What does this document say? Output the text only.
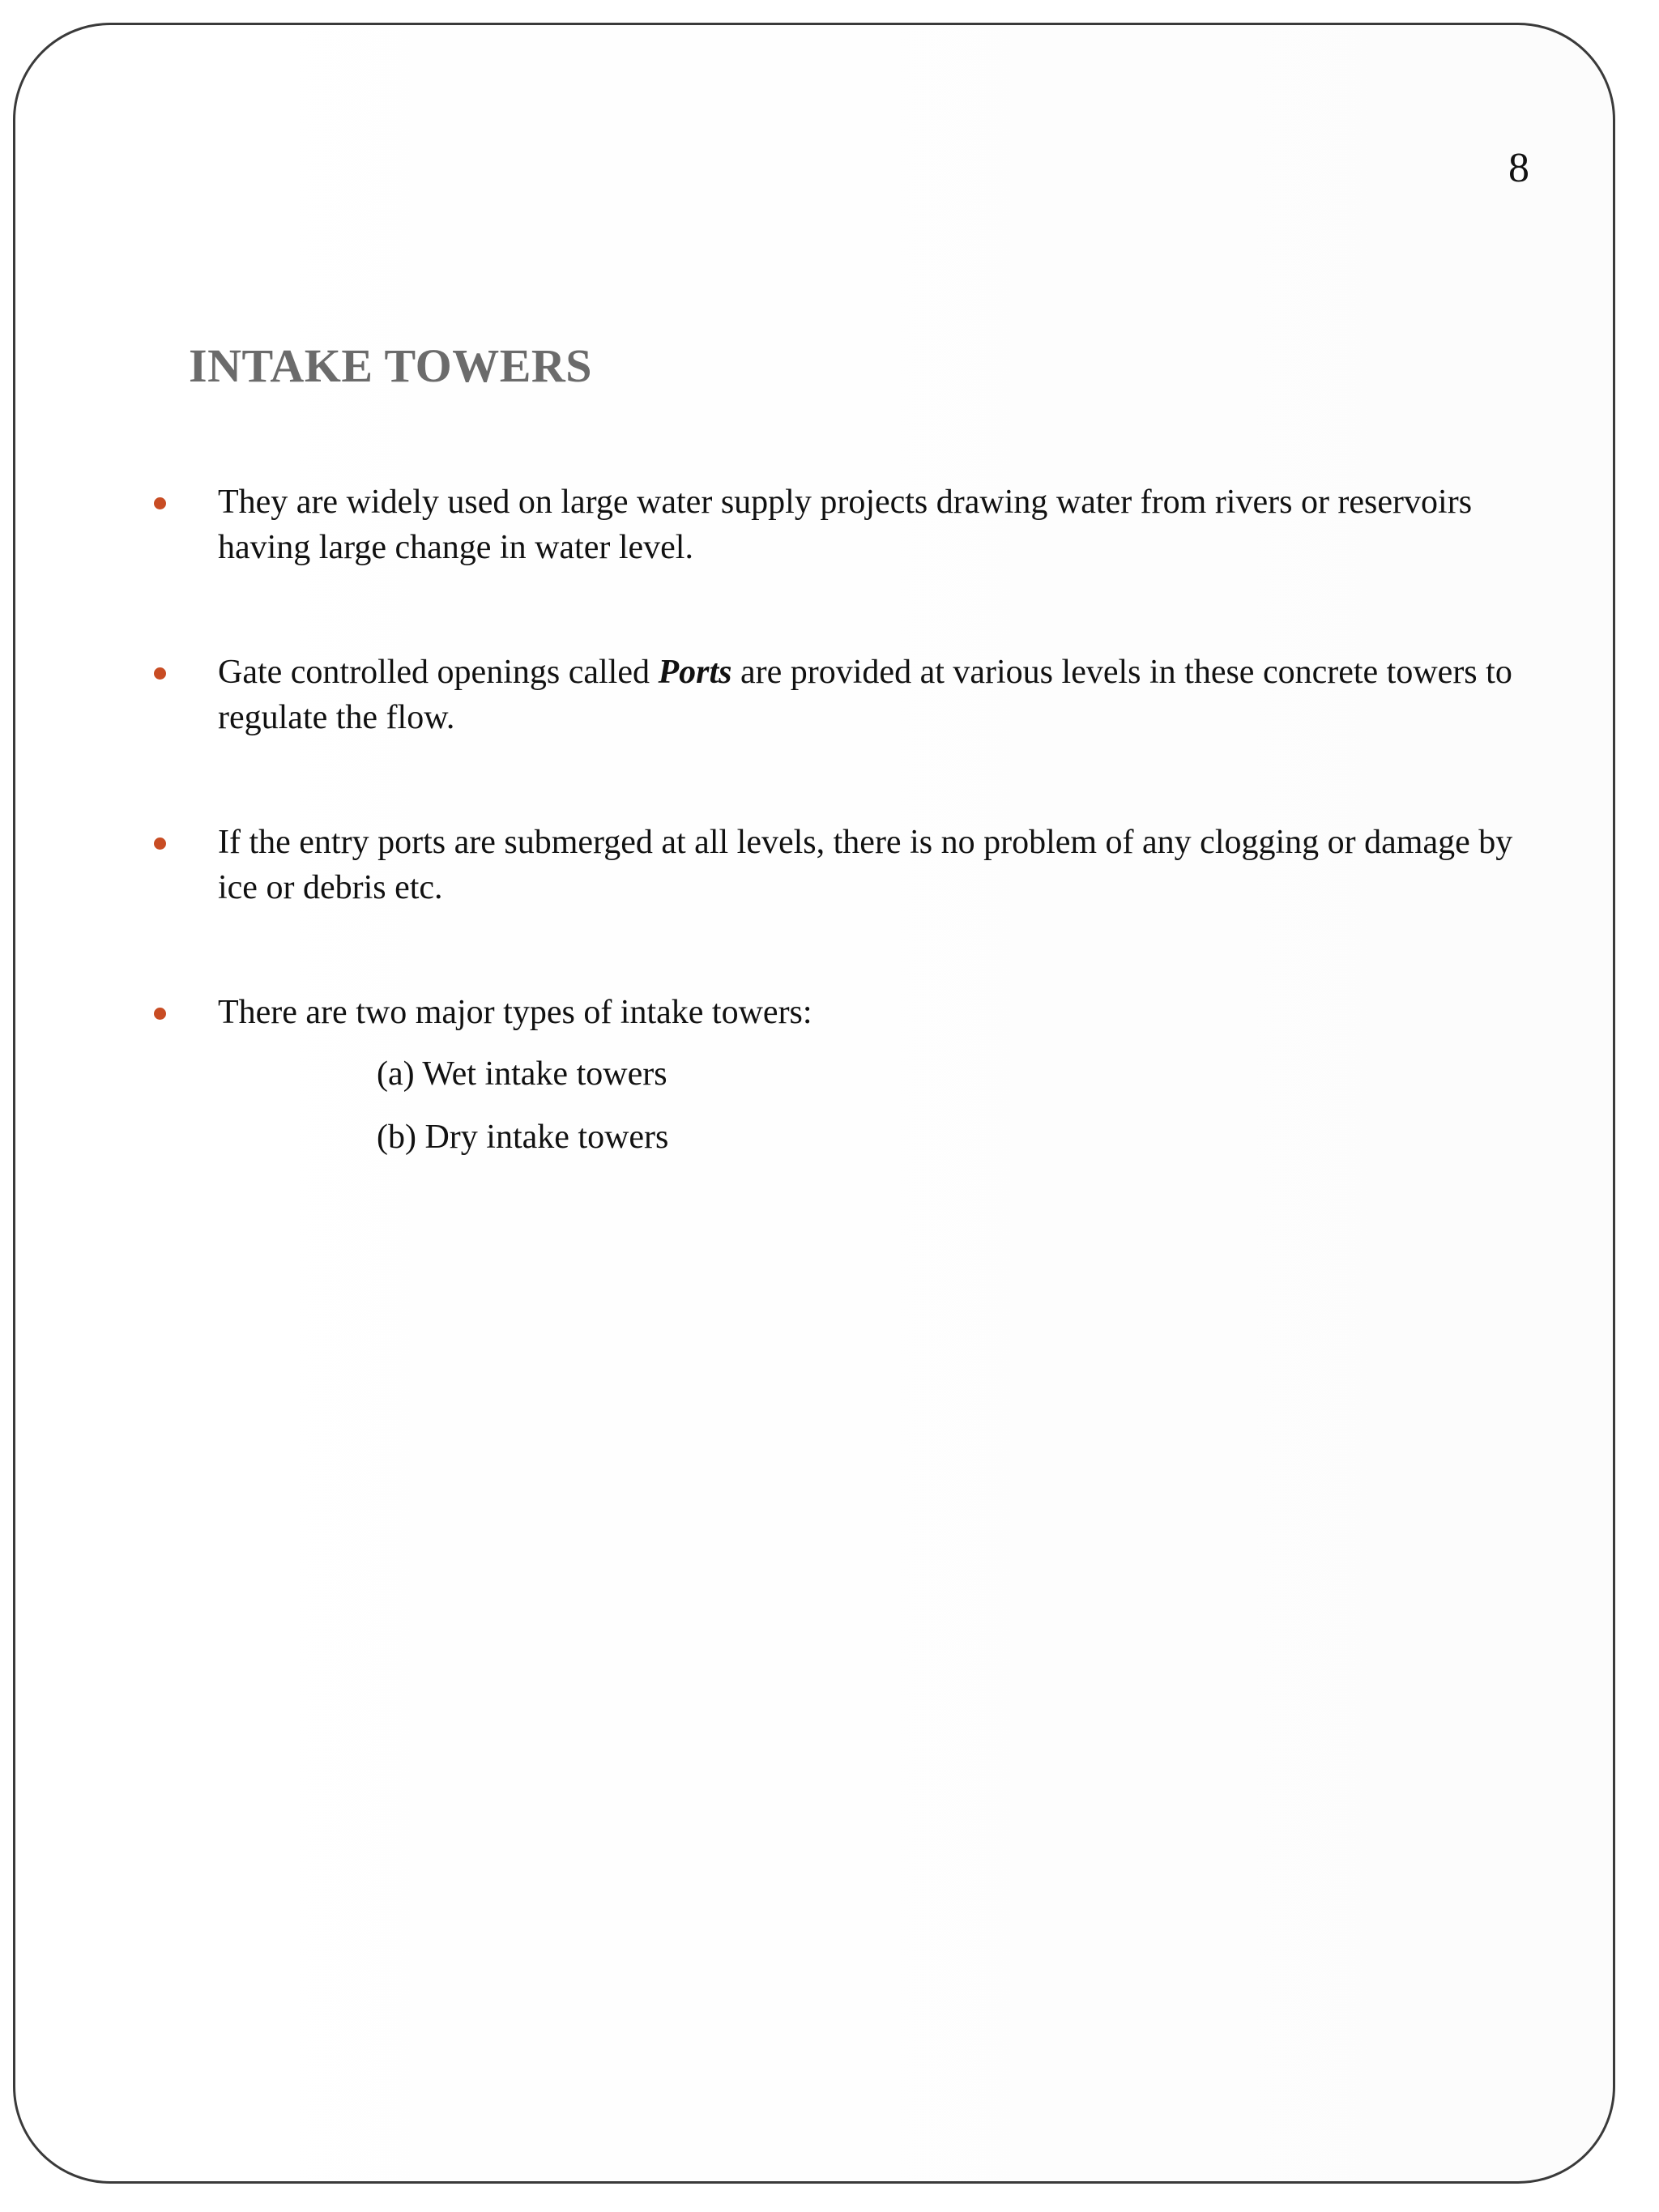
8
INTAKE TOWERS
They are widely used on large water supply projects drawing water from rivers or reservoirs having large change in water level.
Gate controlled openings called Ports are provided at various levels in these concrete towers to regulate the flow.
If the entry ports are submerged at all levels, there is no problem of any clogging or damage by ice or debris etc.
There are two major types of intake towers:
(a) Wet intake towers
(b) Dry intake towers
